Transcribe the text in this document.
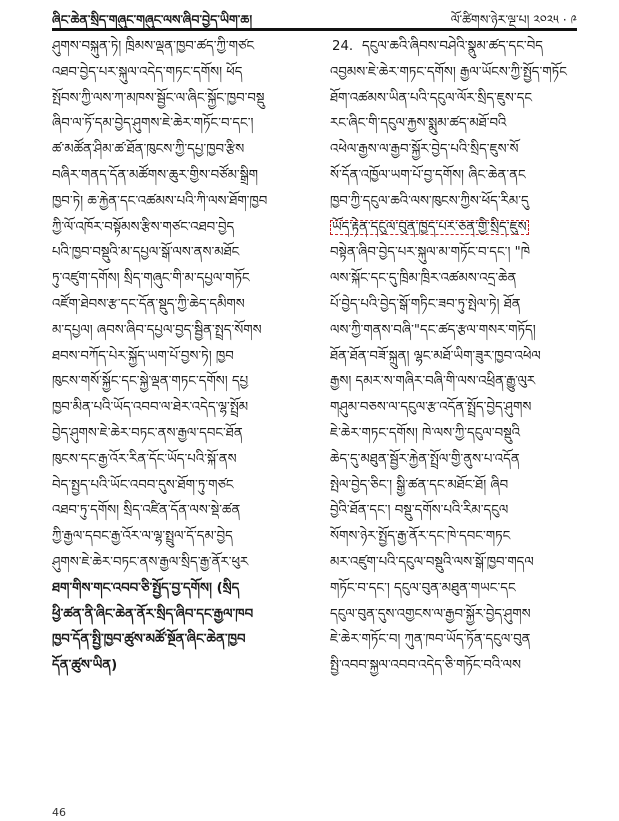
ཞིང་ཆེན་སྲིད་གཞུང་གཞུང་ལས་ཞིབ་བྱེད་ཡིག་ཆ།	ལོ་ཚིགས་ཉེར་ལྔ་པ། ༢༠༢༥ · ༩
ཤུགས་བསྐུན་ཏེ། ཁྲིམས་ལྡན་ཁྱབ་ཚད་ཀྱི་གཙང
འཐབ་བྱེད་པར་སྐུལ་འདེད་གཏང་དགོས། ཕོད
སྤོབས་ཀྱི་ལས་ཀ་མཁས་སྦྱོང་ལ་ཞིང་སྐྱོང་ཁྱབ་བསྡུ
ཞིབ་ལ་ཏོ་དམ་བྱེད་ཤུགས་ཇེ་ཆེར་གཏོང་བ་དང་།
ཚ་མཚོན་ཤིམ་ཚ་ཐོན་ཁུངས་ཀྱི་དཔྱ་ཁྱབ་རྩིས
བཞིར་གནད་དོན་མཚོགས་ཆུར་གྱིས་བཙོམ་སྒྲིག
ཁྱབ་ཏེ། ཆ་རྐྱེན་དང་འཚམས་པའི་ཀི་ལས་ཐོག་ཁྱབ
ཀྱི་ལོ་འཁོར་བསྟོམས་རྩིས་གཙང་འཐབ་བྱེད
པའི་ཁྱབ་བསྡུའི་མ་དཔྱལ་སྒོ་ལས་ནས་མཐོང
ཏུ་འཛུག་དགོས། སྲིད་གཞུང་གི་མ་དཔྱལ་གཏོང
འཛོག་ཐེབས་རྩ་དང་དོན་སྡུད་ཀྱི་ཆེད་དམིགས
མ་དཔྱལ། ཞབས་ཞིབ་དཔྱལ་བྱད་སྦྱིན་སྤྲད་སོགས
ཐབས་བཀོད་པེར་སྐྱོད་ཡག་པོ་བྱས་ཏེ། ཁྱབ
ཁུངས་གསོ་སྐྱོང་དང་སྐྱེ་ལྡན་གཏང་དགོས། དཔྱ
ཁྱབ་མིན་པའི་ཡོད་འབབ་ལ་ཐེར་འདེད་ལྷ་སྤྲོམ
བྱེད་ཤུགས་ཇེ་ཆེར་བཏང་ནས་རྒྱལ་དབང་ཐོན
ཁུངས་དང་རྒྱ་འོར་རིན་དོང་ཡོད་པའི་སྐོ་ནས
བེད་སྤྱད་པའི་ཡོང་འབབ་དུས་ཐོག་ཏུ་གཙང
འཐབ་ཏུ་དགོས། སྲིད་འཛིན་དོན་ལས་སྡེ་ཚན
ཀྱི་རྒྱལ་དབང་རྒྱ་འོར་ལ་ལྷ་སྤྲུལ་དོ་དམ་བྱེད
ཤུགས་ཇེ་ཆེར་བཏང་ནས་རྒྱལ་སྲིད་རྒྱ་ནོར་ཕུར
ཐག་གིས་གང་འབབ་ཅི་སྤྱོད་བྱ་དགོས། (སྲིད
ཕྱི་ཚན་ནི་ཞིང་ཆེན་ནོར་སྲིད་ཞིབ་དང་རྒྱལ་ཁབ
ཁྱབ་དོན་སྤྱི་ཁྱབ་ཚུས་མཚོ་སྔོན་ཞིང་ཆེན་ཁྱབ
དོན་ཚུས་ཡིན)
24. དངུལ་ཆའི་ཞིབས་བཤེའི་སྣུམ་ཚད་དང་བེད
འབྱམས་ཇེ་ཆེར་གཏང་དགོས། རྒྱལ་ཡོངས་ཀྱི་སྤྱོད་གཏོང
ཐོག་འཚམས་ཡིན་པའི་དངུལ་ལོར་སྲིད་ཇུས་དང
རང་ཞིང་གི་དངུལ་རྐྱས་སྨུམ་ཚད་མཐོ་བའི
འཕེལ་རྒྱས་ལ་རྒྱབ་སྐྱོར་བྱེད་པའི་སྲིད་ཇུས་སོ
སོ་དོན་འཁྱོལ་ཡག་པོ་བྱ་དགོས། ཞིང་ཆེན་ནང
ཁྱབ་ཀྱི་དངུལ་ཆའི་ལས་ཁུངས་ཀྱིས་ཕོད་རིམ་དུ
ཡོད་རྟེན་དངུལ་བུན་ཁྱད་པར་ཅན་གྱི་སྲིད་ཇུས
བསྟེན་ཞིབ་བྱེད་པར་སྐུལ་མ་གཏོང་བ་དང་། "ཁེ
ལས་སྐོང་དང་དུ་ཁྲིམ་ཁྲིར་འཚམས་འདྲ་ཆེན
པོ་བྱེད་པའི་བྱེད་སྒོ་གཏིང་ཟབ་ཏུ་སྤེལ་ཏེ། ཐོན
ལས་ཀྱི་གནས་བཞི་"དང་ཚད་རྩལ་གསར་གཏོད།
ཐོན་ཐོན་བཟོ་སྐྲུན། ལྷང་མཐོ་ཡིག་ཟུར་ཁྱབ་འཕེལ
རྒྱས། དམར་ས་གཞིར་བཞི་གི་ལས་འཕྲིན་རྒྱུ་ལུར
གཤུམ་བཅས་ལ་དངུལ་རྩ་འདོན་སྤྲོད་བྱེད་ཤུགས
ཇེ་ཆེར་གཏང་དགོས། ཁེ་ལས་ཀྱི་དངུལ་བསྡུའི
ཆེད་དུ་མཐུན་སྦྱོར་རྐྱེན་སྤྲོལ་གྱི་ནུས་པ་འདོན
སྤེལ་བྱེད་ཅིང་། སྒྱི་ཚན་དང་མཐོང་ཐོ། ཞིབ
བྱེའི་ཐོན་དང་། བསྡུ་དགོས་པའི་རིམ་དངུལ
སོགས་ཉེར་སྤྱོད་རྒྱ་ནོར་དང་ཁེ་དབང་གཏང
མར་འཛུག་པའི་དངུལ་བསྡུའི་ལས་སྒོ་ཁྱབ་གདལ
གཏོང་བ་དང་། དངུལ་བུན་མཐུན་གཡང་དང
དངུལ་བུན་དུས་འགྱངས་ལ་རྒྱབ་སྐྱོར་བྱེད་ཤུགས
ཇེ་ཆེར་གཏོང་བ། ཀུན་ཁབ་ཡོད་ཏོན་དངུལ་བུན
སྤྱི་འབབ་སྐྱལ་འབབ་འདེད་ཅི་གཏོང་བའི་ལས
46
